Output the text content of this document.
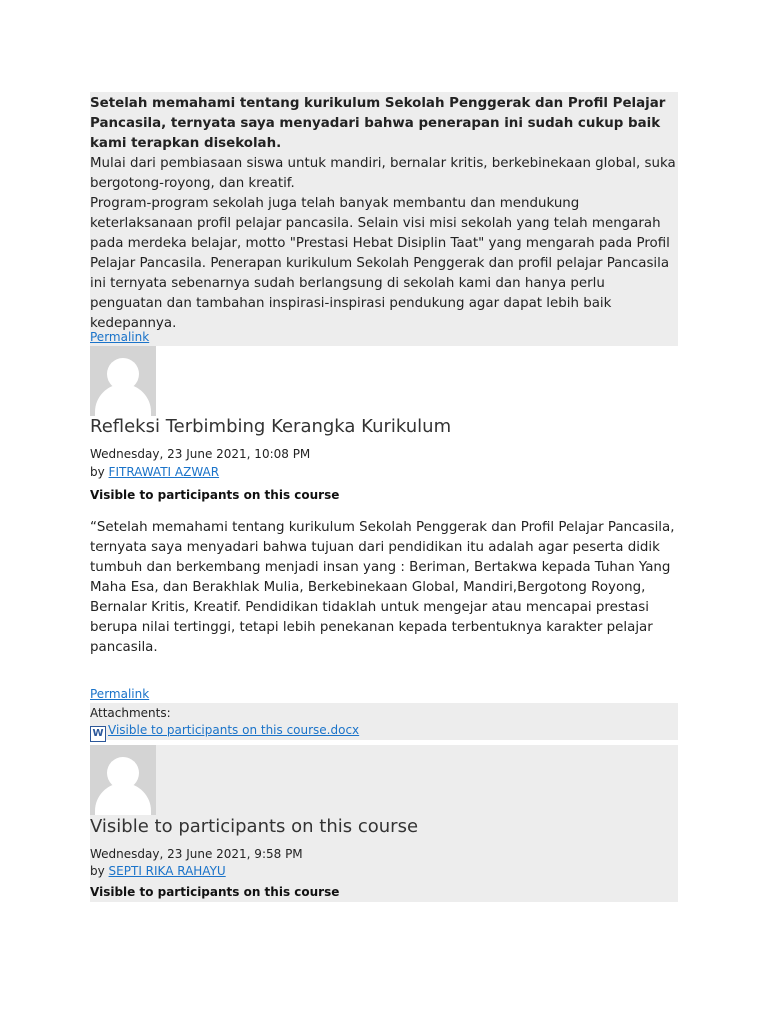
Setelah memahami tentang kurikulum Sekolah Penggerak dan Profil Pelajar Pancasila, ternyata saya menyadari bahwa penerapan ini sudah cukup baik kami terapkan disekolah.

Mulai dari pembiasaan siswa untuk mandiri, bernalar kritis, berkebinekaan global, suka bergotong-royong, dan kreatif.

Program-program sekolah juga telah banyak membantu dan mendukung keterlaksanaan profil pelajar pancasila. Selain visi misi sekolah yang telah mengarah pada merdeka belajar, motto "Prestasi Hebat Disiplin Taat" yang mengarah pada Profil Pelajar Pancasila. Penerapan kurikulum Sekolah Penggerak dan profil pelajar Pancasila ini ternyata sebenarnya sudah berlangsung di sekolah kami dan hanya perlu penguatan dan tambahan inspirasi-inspirasi pendukung agar dapat lebih baik kedepannya.

Permalink
Refleksi Terbimbing Kerangka Kurikulum
Wednesday, 23 June 2021, 10:08 PM
by FITRAWATI AZWAR
Visible to participants on this course

“Setelah memahami tentang kurikulum Sekolah Penggerak dan Profil Pelajar Pancasila, ternyata saya menyadari bahwa tujuan dari pendidikan itu adalah agar peserta didik tumbuh dan berkembang menjadi insan yang : Beriman, Bertakwa kepada Tuhan Yang Maha Esa, dan Berakhlak Mulia, Berkebinekaan Global, Mandiri,Bergotong Royong, Bernalar Kritis, Kreatif. Pendidikan tidaklah untuk mengejar atau mencapai prestasi berupa nilai tertinggi, tetapi lebih penekanan kepada terbentuknya karakter pelajar pancasila.

Permalink
Attachments:
W Visible to participants on this course.docx
Visible to participants on this course
Wednesday, 23 June 2021, 9:58 PM
by SEPTI RIKA RAHAYU
Visible to participants on this course
